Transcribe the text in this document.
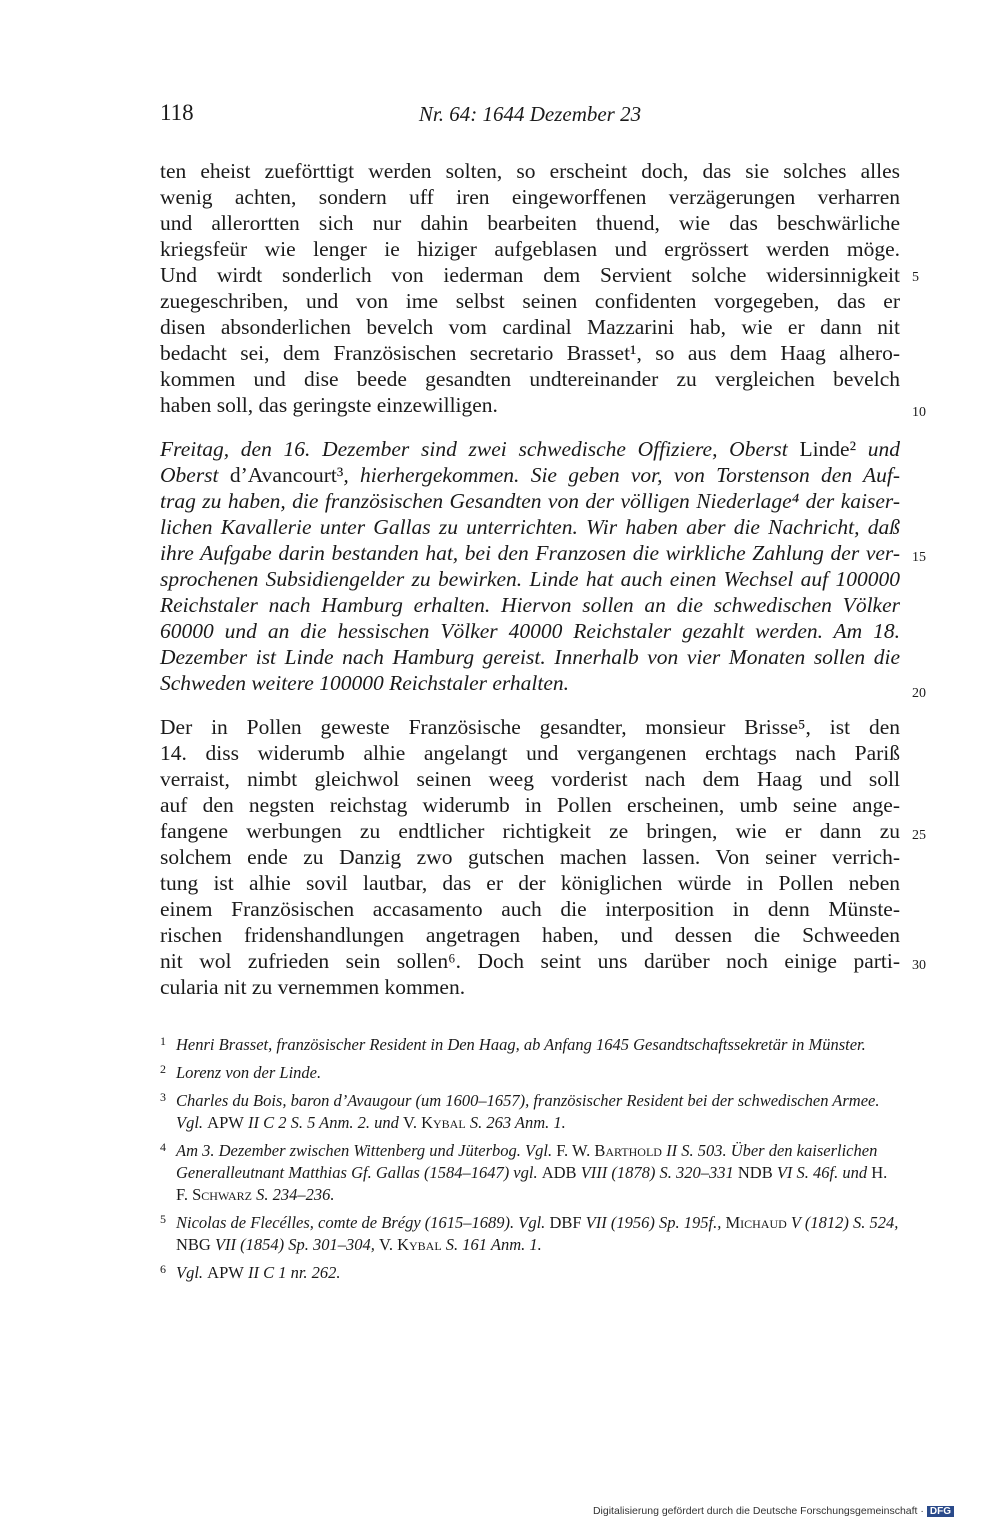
118	Nr. 64: 1644 Dezember 23
ten eheist zueförttigt werden solten, so erscheint doch, das sie solches alles
wenig achten, sondern uff iren eingeworffenen verzägerungen verharren
und allerortten sich nur dahin bearbeiten thuend, wie das beschwärliche
kriegsfeür wie lenger ie hiziger aufgeblasen und ergrössert werden möge.
Und wirdt sonderlich von iederman dem Servient solche widersinnigkeit
zuegeschriben, und von ime selbst seinen confidenten vorgegeben, das er
disen absonderlichen bevelch vom cardinal Mazzarini hab, wie er dann nit
bedacht sei, dem Französischen secretario Brasset¹, so aus dem Haag alhero-
kommen und dise beede gesandten undtereinander zu vergleichen bevelch
haben soll, das geringste einzewilligen.
Freitag, den 16. Dezember sind zwei schwedische Offiziere, Oberst Linde² und
Oberst d’Avancourt³, hierhergekommen. Sie geben vor, von Torstenson den Auf-
trag zu haben, die französischen Gesandten von der völligen Niederlage⁴ der kaiser-
lichen Kavallerie unter Gallas zu unterrichten. Wir haben aber die Nachricht, daß
ihre Aufgabe darin bestanden hat, bei den Franzosen die wirkliche Zahlung der ver-
sprochenen Subsidiengelder zu bewirken. Linde hat auch einen Wechsel auf 100000
Reichstaler nach Hamburg erhalten. Hiervon sollen an die schwedischen Völker
60000 und an die hessischen Völker 40000 Reichstaler gezahlt werden. Am 18.
Dezember ist Linde nach Hamburg gereist. Innerhalb von vier Monaten sollen die
Schweden weitere 100000 Reichstaler erhalten.
Der in Pollen geweste Französische gesandter, monsieur Brisse⁵, ist den
14. diss widerumb alhie angelangt und vergangenen erchtags nach Pariß
verraist, nimbt gleichwol seinen weeg vorderist nach dem Haag und soll
auf den negsten reichstag widerumb in Pollen erscheinen, umb seine ange-
fangene werbungen zu endtlicher richtigkeit ze bringen, wie er dann zu
solchem ende zu Danzig zwo gutschen machen lassen. Von seiner verrich-
tung ist alhie sovil lautbar, das er der königlichen würde in Pollen neben
einem Französischen accasamento auch die interposition in denn Münste-
rischen fridenshandlungen angetragen haben, und dessen die Schweeden
nit wol zufrieden sein sollen⁶. Doch seint uns darüber noch einige parti-
cularia nit zu vernemmen kommen.
5
10
15
20
25
30
1 Henri Brasset, französischer Resident in Den Haag, ab Anfang 1645 Gesandtschaftssekretär in Münster.
2 Lorenz von der Linde.
3 Charles du Bois, baron d’Avaugour (um 1600–1657), französischer Resident bei der schwedischen Armee. Vgl. APW II C 2 S. 5 Anm. 2. und V. Kybal S. 263 Anm. 1.
4 Am 3. Dezember zwischen Wittenberg und Jüterbog. Vgl. F. W. Barthold II S. 503. Über den kaiserlichen Generalleutnant Matthias Gf. Gallas (1584–1647) vgl. ADB VIII (1878) S. 320–331 NDB VI S. 46f. und H. F. Schwarz S. 234–236.
5 Nicolas de Flecélles, comte de Brégy (1615–1689). Vgl. DBF VII (1956) Sp. 195f., Michaud V (1812) S. 524, NBG VII (1854) Sp. 301–304, V. Kybal S. 161 Anm. 1.
6 Vgl. APW II C 1 nr. 262.
Digitalisierung gefördert durch die Deutsche Forschungsgemeinschaft · DFG
